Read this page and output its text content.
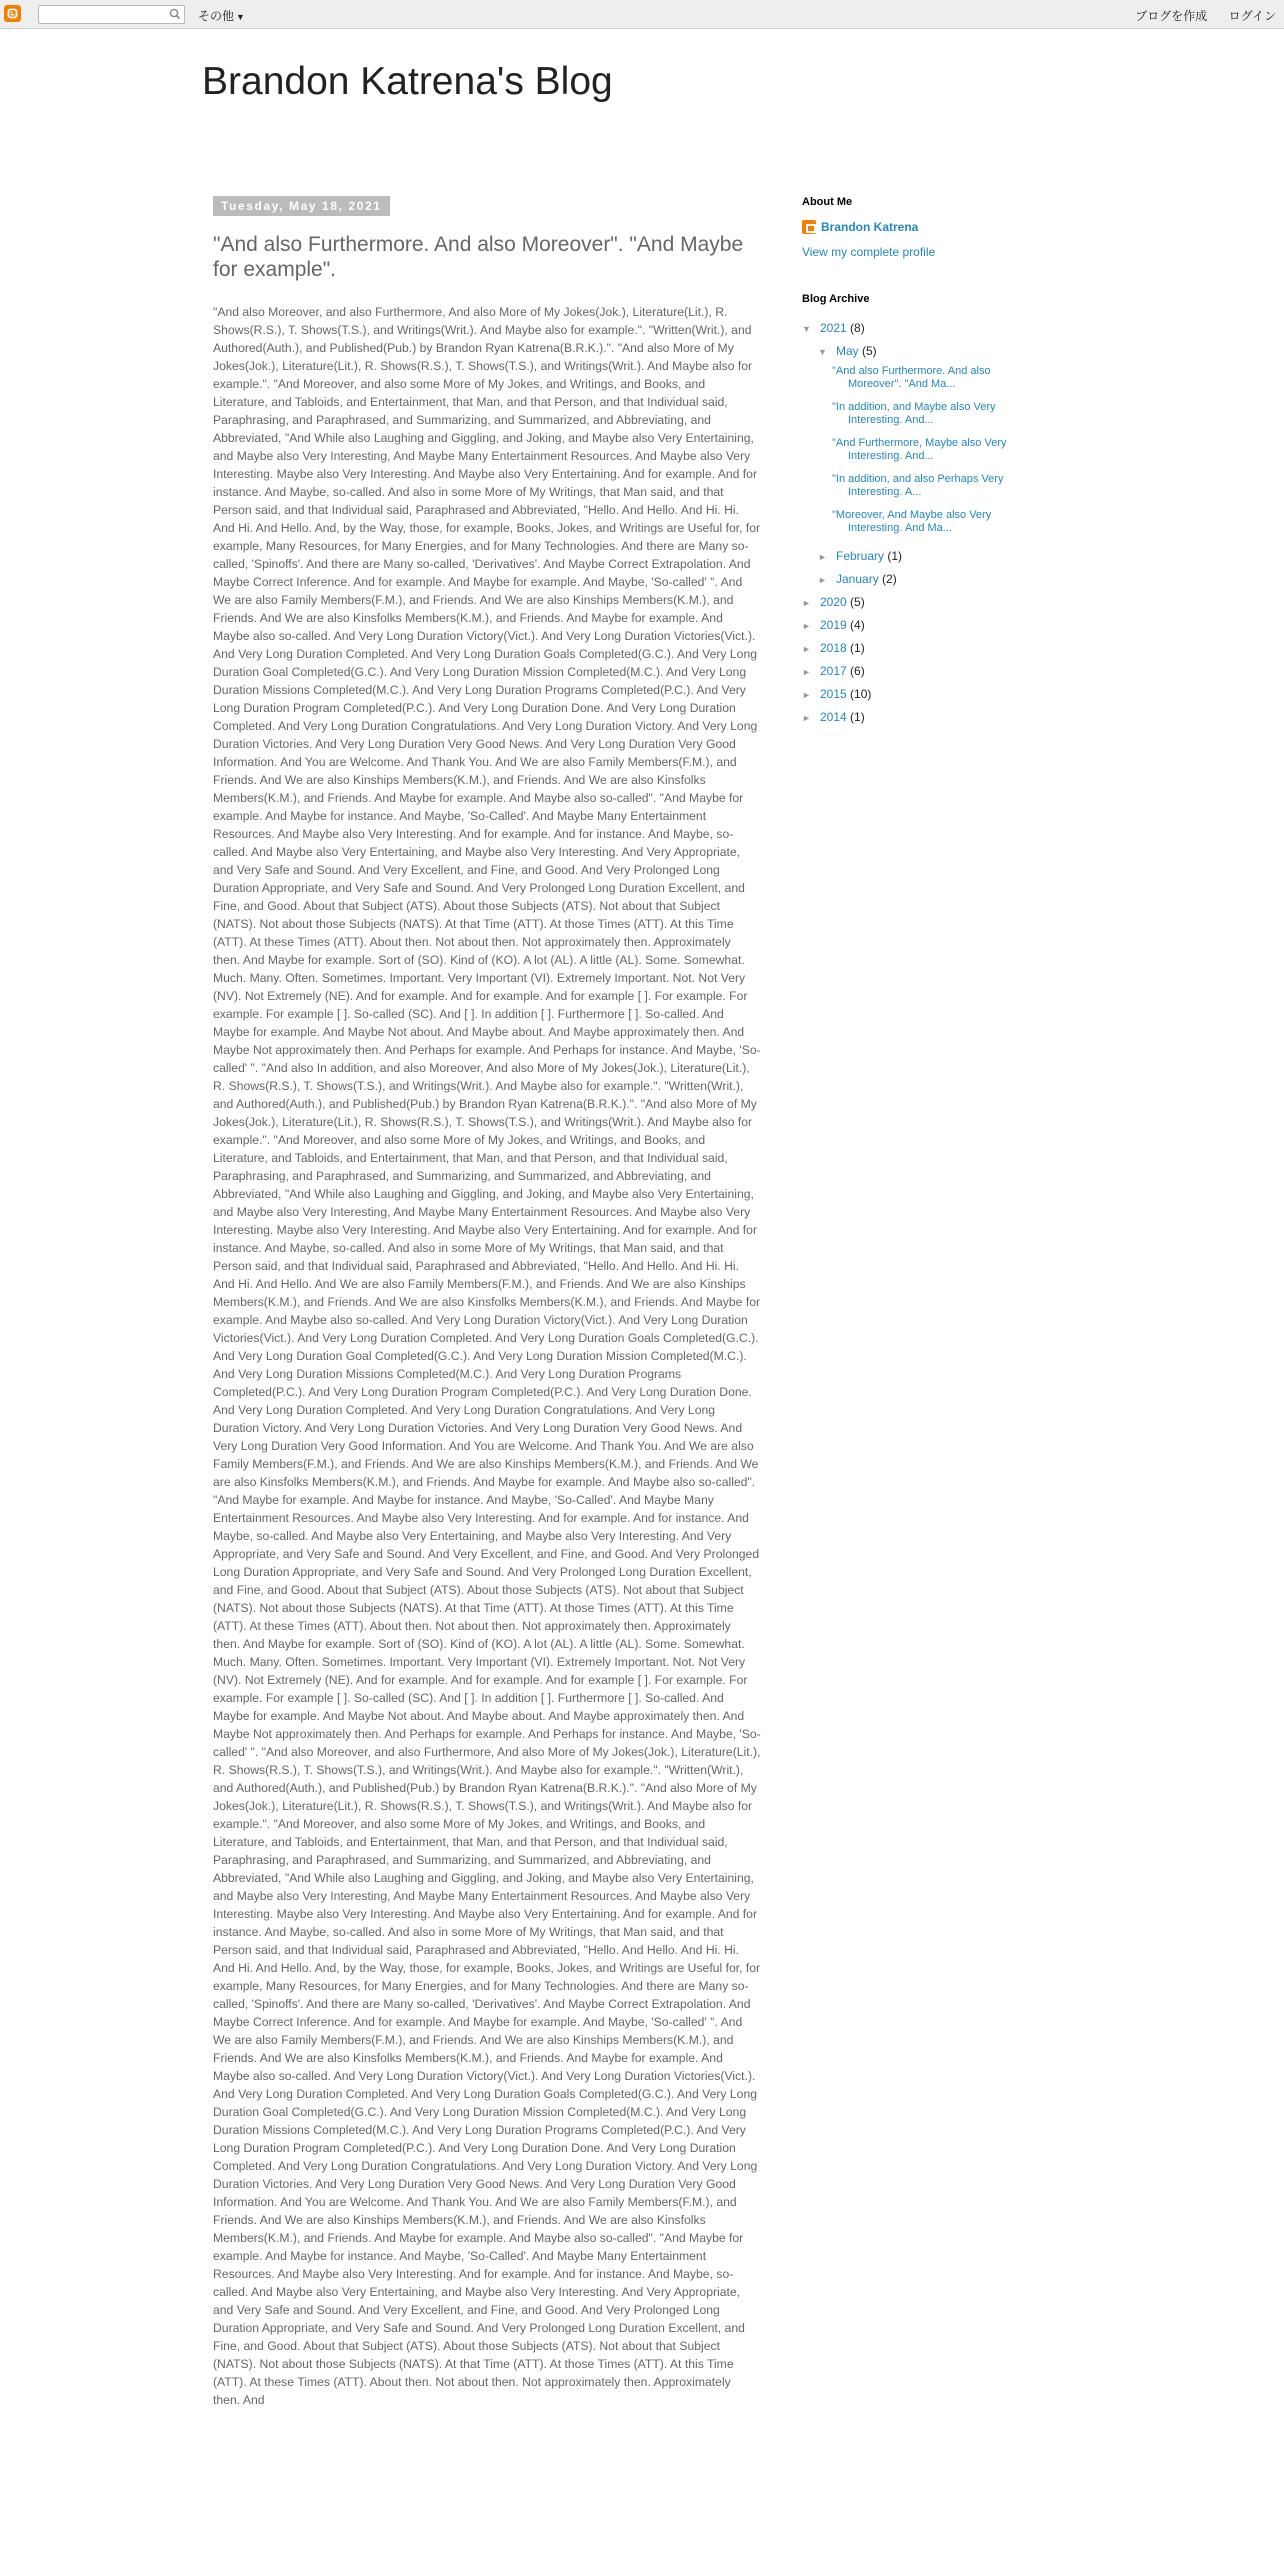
その他 ▼	ブログを作成 ログイン
Brandon Katrena's Blog
Tuesday, May 18, 2021
"And also Furthermore. And also Moreover". "And Maybe for example".

"And also Moreover, and also Furthermore, And also More of My Jokes(Jok.), Literature(Lit.), R. Shows(R.S.), T. Shows(T.S.), and Writings(Writ.). And Maybe also for example.". "Written(Writ.), and Authored(Auth.), and Published(Pub.) by Brandon Ryan Katrena(B.R.K.).". "And also More of My Jokes(Jok.), Literature(Lit.), R. Shows(R.S.), T. Shows(T.S.), and Writings(Writ.). And Maybe also for example.". "And Moreover, and also some More of My Jokes, and Writings, and Books, and Literature, and Tabloids, and Entertainment, that Man, and that Person, and that Individual said, Paraphrasing, and Paraphrased, and Summarizing, and Summarized, and Abbreviating, and Abbreviated, "And While also Laughing and Giggling, and Joking, and Maybe also Very Entertaining, and Maybe also Very Interesting, And Maybe Many Entertainment Resources. And Maybe also Very Interesting. Maybe also Very Interesting. And Maybe also Very Entertaining. And for example. And for instance. And Maybe, so-called. And also in some More of My Writings, that Man said, and that Person said, and that Individual said, Paraphrased and Abbreviated, "Hello. And Hello. And Hi. Hi. And Hi. And Hello. And, by the Way, those, for example, Books, Jokes, and Writings are Useful for, for example, Many Resources, for Many Energies, and for Many Technologies. And there are Many so-called, 'Spinoffs'. And there are Many so-called, 'Derivatives'. And Maybe Correct Extrapolation. And Maybe Correct Inference. And for example. And Maybe for example. And Maybe, 'So-called' ". And We are also Family Members(F.M.), and Friends. And We are also Kinships Members(K.M.), and Friends. And We are also Kinsfolks Members(K.M.), and Friends. And Maybe for example. And Maybe also so-called. And Very Long Duration Victory(Vict.). And Very Long Duration Victories(Vict.). And Very Long Duration Completed. And Very Long Duration Goals Completed(G.C.). And Very Long Duration Goal Completed(G.C.). And Very Long Duration Mission Completed(M.C.). And Very Long Duration Missions Completed(M.C.). And Very Long Duration Programs Completed(P.C.). And Very Long Duration Program Completed(P.C.). And Very Long Duration Done. And Very Long Duration Completed. And Very Long Duration Congratulations. And Very Long Duration Victory. And Very Long Duration Victories. And Very Long Duration Very Good News. And Very Long Duration Very Good Information. And You are Welcome. And Thank You. And We are also Family Members(F.M.), and Friends. And We are also Kinships Members(K.M.), and Friends. And We are also Kinsfolks Members(K.M.), and Friends. And Maybe for example. And Maybe also so-called". "And Maybe for example. And Maybe for instance. And Maybe, 'So-Called'. And Maybe Many Entertainment Resources. And Maybe also Very Interesting. And for example. And for instance. And Maybe, so-called. And Maybe also Very Entertaining, and Maybe also Very Interesting. And Very Appropriate, and Very Safe and Sound. And Very Excellent, and Fine, and Good. And Very Prolonged Long Duration Appropriate, and Very Safe and Sound. And Very Prolonged Long Duration Excellent, and Fine, and Good. About that Subject (ATS). About those Subjects (ATS). Not about that Subject (NATS). Not about those Subjects (NATS). At that Time (ATT). At those Times (ATT). At this Time (ATT). At these Times (ATT). About then. Not about then. Not approximately then. Approximately then. And Maybe for example. Sort of (SO). Kind of (KO). A lot (AL). A little (AL). Some. Somewhat. Much. Many. Often. Sometimes. Important. Very Important (VI). Extremely Important. Not. Not Very (NV). Not Extremely (NE). And for example. And for example. And for example [ ]. For example. For example. For example [ ]. So-called (SC). And [ ]. In addition [ ]. Furthermore [ ]. So-called. And Maybe for example. And Maybe Not about. And Maybe about. And Maybe approximately then. And Maybe Not approximately then. And Perhaps for example. And Perhaps for instance. And Maybe, 'So-called' ". "And also In addition, and also Moreover, And also More of My Jokes(Jok.), Literature(Lit.), R. Shows(R.S.), T. Shows(T.S.), and Writings(Writ.). And Maybe also for example.". "Written(Writ.), and Authored(Auth.), and Published(Pub.) by Brandon Ryan Katrena(B.R.K.).". "And also More of My Jokes(Jok.), Literature(Lit.), R. Shows(R.S.), T. Shows(T.S.), and Writings(Writ.). And Maybe also for example.". "And Moreover, and also some More of My Jokes, and Writings, and Books, and Literature, and Tabloids, and Entertainment, that Man, and that Person, and that Individual said, Paraphrasing, and Paraphrased, and Summarizing, and Summarized, and Abbreviating, and Abbreviated, "And While also Laughing and Giggling, and Joking, and Maybe also Very Entertaining, and Maybe also Very Interesting, And Maybe Many Entertainment Resources. And Maybe also Very Interesting. Maybe also Very Interesting. And Maybe also Very Entertaining. And for example. And for instance. And Maybe, so-called. And also in some More of My Writings, that Man said, and that Person said, and that Individual said, Paraphrased and Abbreviated, "Hello. And Hello. And Hi. Hi. And Hi. And Hello. And We are also Family Members(F.M.), and Friends. And We are also Kinships Members(K.M.), and Friends. And We are also Kinsfolks Members(K.M.), and Friends. And Maybe for example. And Maybe also so-called. And Very Long Duration Victory(Vict.). And Very Long Duration Victories(Vict.). And Very Long Duration Completed. And Very Long Duration Goals Completed(G.C.). And Very Long Duration Goal Completed(G.C.). And Very Long Duration Mission Completed(M.C.). And Very Long Duration Missions Completed(M.C.). And Very Long Duration Programs Completed(P.C.). And Very Long Duration Program Completed(P.C.). And Very Long Duration Done. And Very Long Duration Completed. And Very Long Duration Congratulations. And Very Long Duration Victory. And Very Long Duration Victories. And Very Long Duration Very Good News. And Very Long Duration Very Good Information. And You are Welcome. And Thank You. And We are also Family Members(F.M.), and Friends. And We are also Kinships Members(K.M.), and Friends. And We are also Kinsfolks Members(K.M.), and Friends. And Maybe for example. And Maybe also so-called". "And Maybe for example. And Maybe for instance. And Maybe, 'So-Called'. And Maybe Many Entertainment Resources. And Maybe also Very Interesting. And for example. And for instance. And Maybe, so-called. And Maybe also Very Entertaining, and Maybe also Very Interesting. And Very Appropriate, and Very Safe and Sound. And Very Excellent, and Fine, and Good. And Very Prolonged Long Duration Appropriate, and Very Safe and Sound. And Very Prolonged Long Duration Excellent, and Fine, and Good. About that Subject (ATS). About those Subjects (ATS). Not about that Subject (NATS). Not about those Subjects (NATS). At that Time (ATT). At those Times (ATT). At this Time (ATT). At these Times (ATT). About then. Not about then. Not approximately then. Approximately then. And Maybe for example. Sort of (SO). Kind of (KO). A lot (AL). A little (AL). Some. Somewhat. Much. Many. Often. Sometimes. Important. Very Important (VI). Extremely Important. Not. Not Very (NV). Not Extremely (NE). And for example. And for example. And for example [ ]. For example. For example. For example [ ]. So-called (SC). And [ ]. In addition [ ]. Furthermore [ ]. So-called. And Maybe for example. And Maybe Not about. And Maybe about. And Maybe approximately then. And Maybe Not approximately then. And Perhaps for example. And Perhaps for instance. And Maybe, 'So-called' ". "And also Moreover, and also Furthermore, And also More of My Jokes(Jok.), Literature(Lit.), R. Shows(R.S.), T. Shows(T.S.), and Writings(Writ.). And Maybe also for example.". "Written(Writ.), and Authored(Auth.), and Published(Pub.) by Brandon Ryan Katrena(B.R.K.).". "And also More of My Jokes(Jok.), Literature(Lit.), R. Shows(R.S.), T. Shows(T.S.), and Writings(Writ.). And Maybe also for example.". "And Moreover, and also some More of My Jokes, and Writings, and Books, and Literature, and Tabloids, and Entertainment, that Man, and that Person, and that Individual said, Paraphrasing, and Paraphrased, and Summarizing, and Summarized, and Abbreviating, and Abbreviated, "And While also Laughing and Giggling, and Joking, and Maybe also Very Entertaining, and Maybe also Very Interesting, And Maybe Many Entertainment Resources. And Maybe also Very Interesting. Maybe also Very Interesting. And Maybe also Very Entertaining. And for example. And for instance. And Maybe, so-called. And also in some More of My Writings, that Man said, and that Person said, and that Individual said, Paraphrased and Abbreviated, "Hello. And Hello. And Hi. Hi. And Hi. And Hello. And, by the Way, those, for example, Books, Jokes, and Writings are Useful for, for example, Many Resources, for Many Energies, and for Many Technologies. And there are Many so-called, 'Spinoffs'. And there are Many so-called, 'Derivatives'. And Maybe Correct Extrapolation. And Maybe Correct Inference. And for example. And Maybe for example. And Maybe, 'So-called' ". And We are also Family Members(F.M.), and Friends. And We are also Kinships Members(K.M.), and Friends. And We are also Kinsfolks Members(K.M.), and Friends. And Maybe for example. And Maybe also so-called. And Very Long Duration Victory(Vict.). And Very Long Duration Victories(Vict.). And Very Long Duration Completed. And Very Long Duration Goals Completed(G.C.). And Very Long Duration Goal Completed(G.C.). And Very Long Duration Mission Completed(M.C.). And Very Long Duration Missions Completed(M.C.). And Very Long Duration Programs Completed(P.C.). And Very Long Duration Program Completed(P.C.). And Very Long Duration Done. And Very Long Duration Completed. And Very Long Duration Congratulations. And Very Long Duration Victory. And Very Long Duration Victories. And Very Long Duration Very Good News. And Very Long Duration Very Good Information. And You are Welcome. And Thank You. And We are also Family Members(F.M.), and Friends. And We are also Kinships Members(K.M.), and Friends. And We are also Kinsfolks Members(K.M.), and Friends. And Maybe for example. And Maybe also so-called". "And Maybe for example. And Maybe for instance. And Maybe, 'So-Called'. And Maybe Many Entertainment Resources. And Maybe also Very Interesting. And for example. And for instance. And Maybe, so-called. And Maybe also Very Entertaining, and Maybe also Very Interesting. And Very Appropriate, and Very Safe and Sound. And Very Excellent, and Fine, and Good. And Very Prolonged Long Duration Appropriate, and Very Safe and Sound. And Very Prolonged Long Duration Excellent, and Fine, and Good. About that Subject (ATS). About those Subjects (ATS). Not about that Subject (NATS). Not about those Subjects (NATS). At that Time (ATT). At those Times (ATT). At this Time (ATT). At these Times (ATT). About then. Not about then. Not approximately then. Approximately then. And

About Me
Brandon Katrena
View my complete profile
Blog Archive
▼ 2021 (8)
▼ May (5)
"And also Furthermore. And also Moreover". "And Ma...
"In addition, and Maybe also Very Interesting. And...
"And Furthermore, Maybe also Very Interesting. And...
"In addition, and also Perhaps Very Interesting. A...
"Moreover, And Maybe also Very Interesting. And Ma...
► February (1)
► January (2)
► 2020 (5)
► 2019 (4)
► 2018 (1)
► 2017 (6)
► 2015 (10)
► 2014 (1)
